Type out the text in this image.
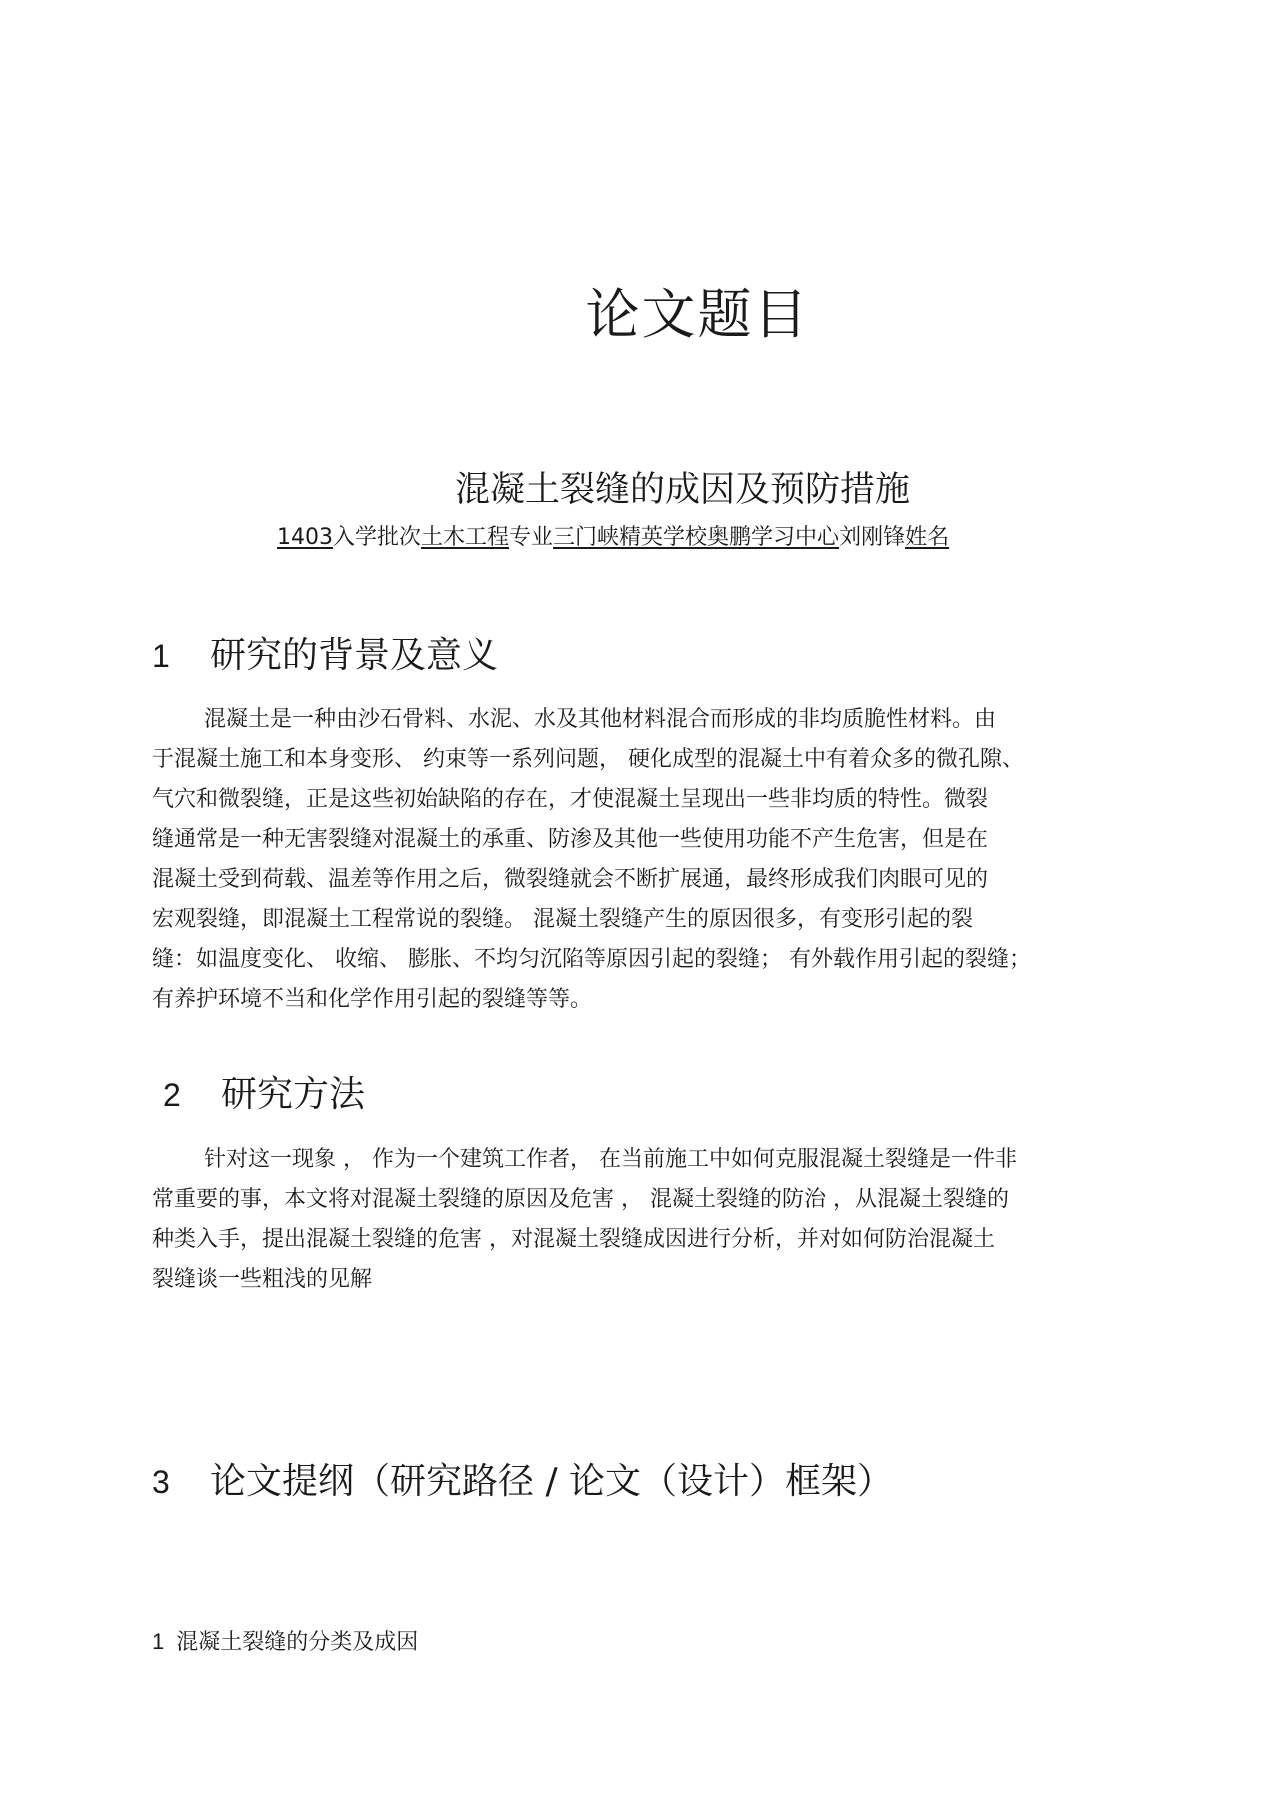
论文题目
混凝土裂缝的成因及预防措施
1403入学批次土木工程专业三门峡精英学校奥鹏学习中心刘刚锋姓名
1 研究的背景及意义
混凝土是一种由沙石骨料、水泥、水及其他材料混合而形成的非均质脆性材料。由
于混凝土施工和本身变形、 约束等一系列问题， 硬化成型的混凝土中有着众多的微孔隙、
气穴和微裂缝，正是这些初始缺陷的存在，才使混凝土呈现出一些非均质的特性。微裂
缝通常是一种无害裂缝对混凝土的承重、防渗及其他一些使用功能不产生危害，但是在
混凝土受到荷载、温差等作用之后，微裂缝就会不断扩展通，最终形成我们肉眼可见的
宏观裂缝，即混凝土工程常说的裂缝。 混凝土裂缝产生的原因很多，有变形引起的裂
缝：如温度变化、 收缩、 膨胀、不均匀沉陷等原因引起的裂缝； 有外载作用引起的裂缝；
有养护环境不当和化学作用引起的裂缝等等。
2 研究方法
针对这一现象 ， 作为一个建筑工作者， 在当前施工中如何克服混凝土裂缝是一件非
常重要的事，本文将对混凝土裂缝的原因及危害 ， 混凝土裂缝的防治 ，从混凝土裂缝的
种类入手，提出混凝土裂缝的危害 ，对混凝土裂缝成因进行分析，并对如何防治混凝土
裂缝谈一些粗浅的见解
3 论文提纲（研究路径 / 论文（设计）框架）
1 混凝土裂缝的分类及成因
